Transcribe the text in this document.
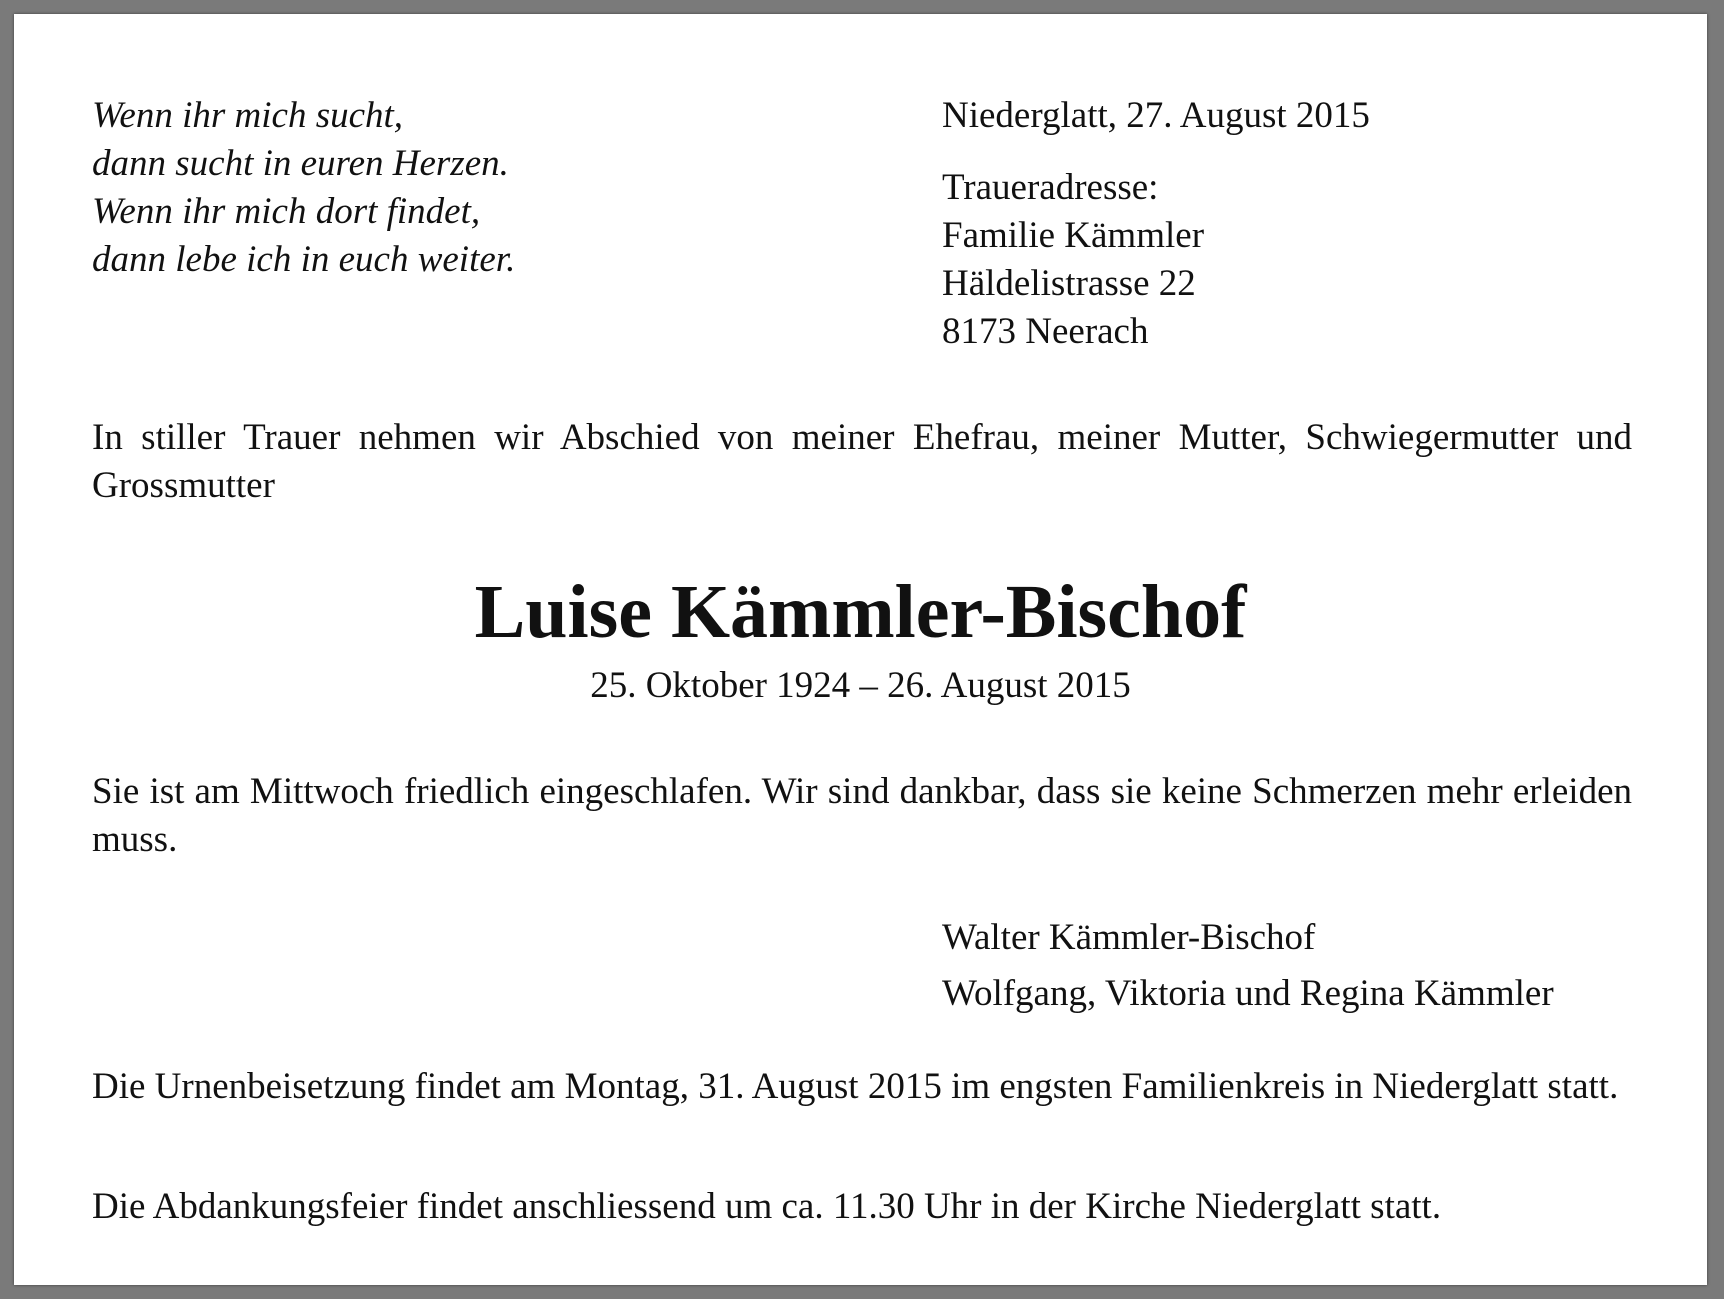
Wenn ihr mich sucht,
dann sucht in euren Herzen.
Wenn ihr mich dort findet,
dann lebe ich in euch weiter.
Niederglatt, 27. August 2015
Traueradresse:
Familie Kämmler
Häldelistrasse 22
8173 Neerach
In stiller Trauer nehmen wir Abschied von meiner Ehefrau, meiner Mutter, Schwiegermutter und Grossmutter
Luise Kämmler-Bischof
25. Oktober 1924 – 26. August 2015
Sie ist am Mittwoch friedlich eingeschlafen. Wir sind dankbar, dass sie keine Schmerzen mehr erleiden muss.
Walter Kämmler-Bischof
Wolfgang, Viktoria und Regina Kämmler
Die Urnenbeisetzung findet am Montag, 31. August 2015 im engsten Familienkreis in Niederglatt statt.
Die Abdankungsfeier findet anschliessend um ca. 11.30 Uhr in der Kirche Niederglatt statt.
